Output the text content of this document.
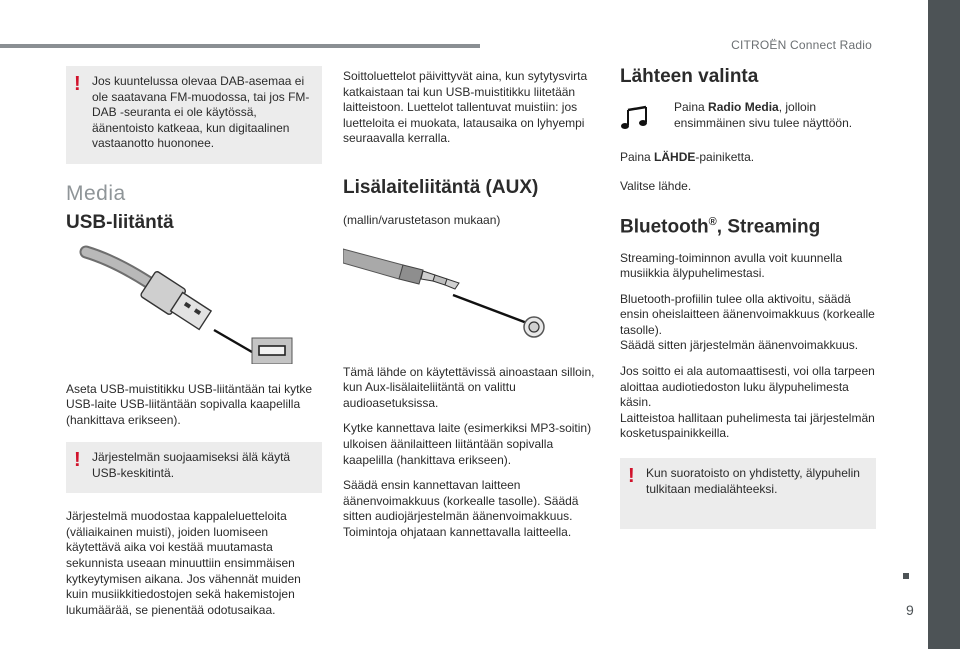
CITROËN Connect Radio
9
! Jos kuuntelussa olevaa DAB-asemaa ei ole saatavana FM-muodossa, tai jos FM-DAB -seuranta ei ole käytössä, äänentoisto katkeaa, kun digitaalinen vastaanotto huononee.
Media
USB-liitäntä

Aseta USB-muistitikku USB-liitäntään tai kytke USB-laite USB-liitäntään sopivalla kaapelilla (hankittava erikseen).

! Järjestelmän suojaamiseksi älä käytä USB-keskitintä.

Järjestelmä muodostaa kappaleluetteloita (väliaikainen muisti), joiden luomiseen käytettävä aika voi kestää muutamasta sekunnista useaan minuuttiin ensimmäisen kytkeytymisen aikana. Jos vähennät muiden kuin musiikkitiedostojen sekä hakemistojen lukumäärää, se pienentää odotusaikaa.

Soittoluettelot päivittyvät aina, kun sytytysvirta katkaistaan tai kun USB-muistitikku liitetään laitteistoon. Luettelot tallentuvat muistiin: jos luetteloita ei muokata, latausaika on lyhyempi seuraavalla kerralla.

Lisälaiteliitäntä (AUX)

(mallin/varustetason mukaan)

Tämä lähde on käytettävissä ainoastaan silloin, kun Aux-lisälaiteliitäntä on valittu audioasetuksissa.

Kytke kannettava laite (esimerkiksi MP3-soitin) ulkoisen äänilaitteen liitäntään sopivalla kaapelilla (hankittava erikseen).

Säädä ensin kannettavan laitteen äänenvoimakkuus (korkealle tasolle). Säädä sitten audiojärjestelmän äänenvoimakkuus. Toimintoja ohjataan kannettavalla laitteella.

Lähteen valinta

Paina Radio Media, jolloin ensimmäinen sivu tulee näyttöön.

Paina LÄHDE-painiketta.

Valitse lähde.

Bluetooth®, Streaming

Streaming-toiminnon avulla voit kuunnella musiikkia älypuhelimestasi.

Bluetooth-profiilin tulee olla aktivoitu, säädä ensin oheislaitteen äänenvoimakkuus (korkealle tasolle).
Säädä sitten järjestelmän äänenvoimakkuus.

Jos soitto ei ala automaattisesti, voi olla tarpeen aloittaa audiotiedoston luku älypuhelimesta käsin.
Laitteistoa hallitaan puhelimesta tai järjestelmän kosketuspainikkeilla.

! Kun suoratoisto on yhdistetty, älypuhelin tulkitaan medialähteeksi.
